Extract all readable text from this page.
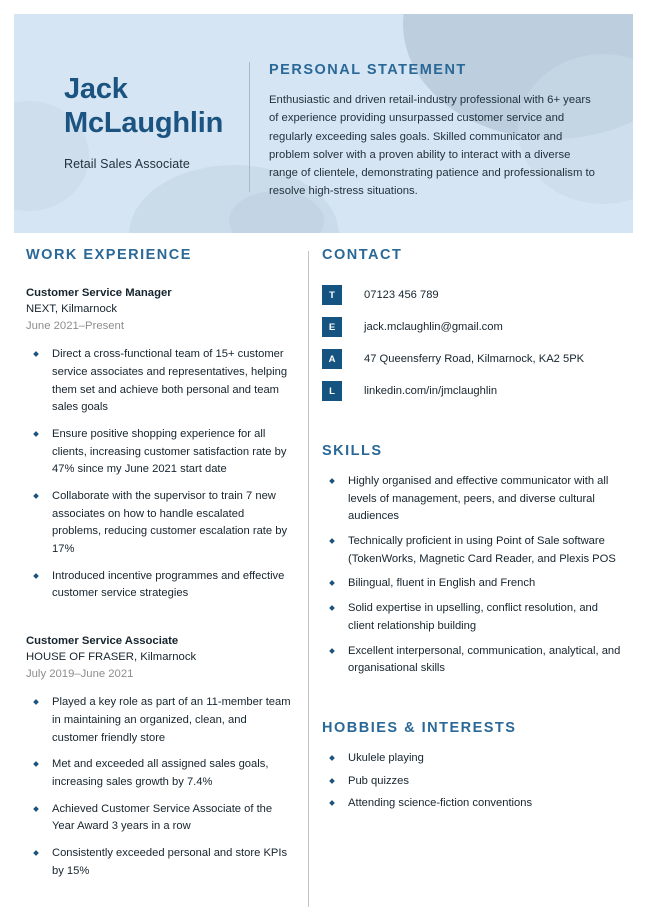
Jack
McLaughlin
Retail Sales Associate
PERSONAL STATEMENT
Enthusiastic and driven retail-industry professional with 6+ years of experience providing unsurpassed customer service and regularly exceeding sales goals. Skilled communicator and problem solver with a proven ability to interact with a diverse range of clientele, demonstrating patience and professionalism to resolve high-stress situations.
WORK EXPERIENCE
Customer Service Manager
NEXT, Kilmarnock
June 2021–Present
Direct a cross-functional team of 15+ customer service associates and representatives, helping them set and achieve both personal and team sales goals
Ensure positive shopping experience for all clients, increasing customer satisfaction rate by 47% since my June 2021 start date
Collaborate with the supervisor to train 7 new associates on how to handle escalated problems, reducing customer escalation rate by 17%
Introduced incentive programmes and effective customer service strategies
Customer Service Associate
HOUSE OF FRASER, Kilmarnock
July 2019–June 2021
Played a key role as part of an 11-member team in maintaining an organized, clean, and customer friendly store
Met and exceeded all assigned sales goals, increasing sales growth by 7.4%
Achieved Customer Service Associate of the Year Award 3 years in a row
Consistently exceeded personal and store KPIs by 15%
CONTACT
T	07123 456 789
E	jack.mclaughlin@gmail.com
A	47 Queensferry Road, Kilmarnock, KA2 5PK
L	linkedin.com/in/jmclaughlin
SKILLS
Highly organised and effective communicator with all levels of management, peers, and diverse cultural audiences
Technically proficient in using Point of Sale software (TokenWorks, Magnetic Card Reader, and Plexis POS
Bilingual, fluent in English and French
Solid expertise in upselling, conflict resolution, and client relationship building
Excellent interpersonal, communication, analytical, and organisational skills
HOBBIES & INTERESTS
Ukulele playing
Pub quizzes
Attending science-fiction conventions
